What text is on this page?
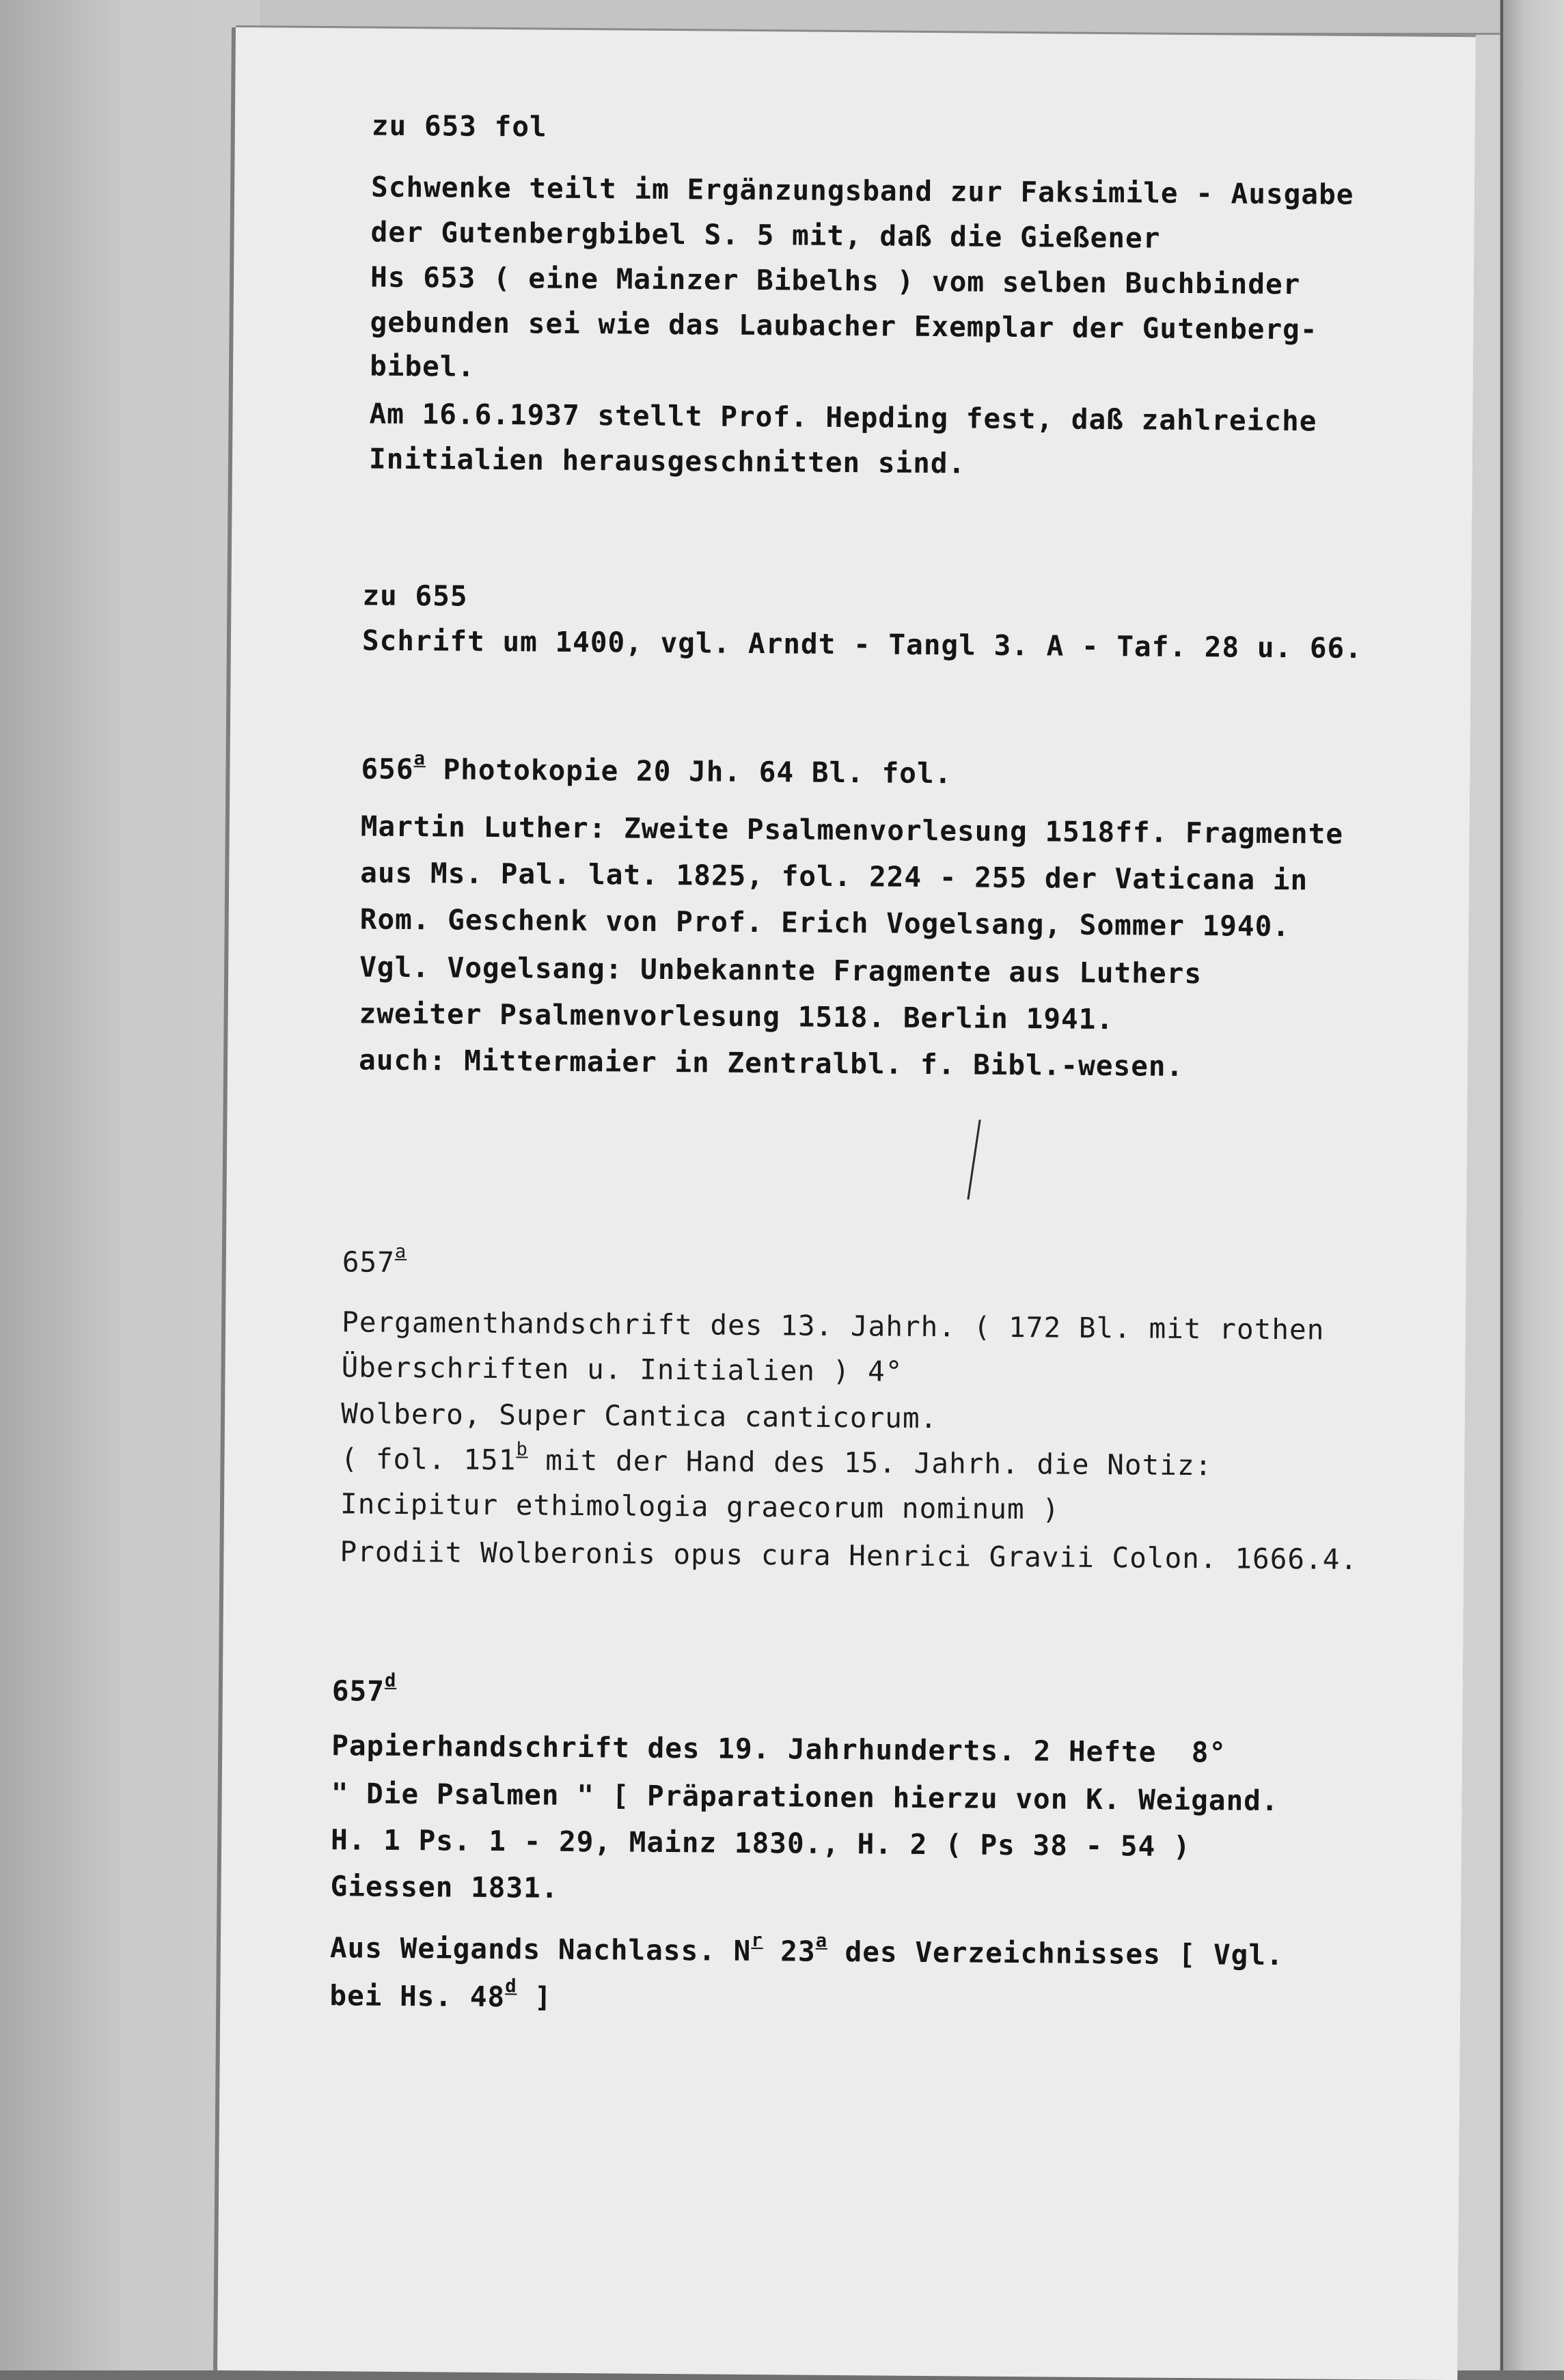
zu 653 fol
Schwenke teilt im Ergänzungsband zur Faksimile - Ausgabe
der Gutenbergbibel S. 5 mit, daß die Gießener
Hs 653 ( eine Mainzer Bibelhs ) vom selben Buchbinder
gebunden sei wie das Laubacher Exemplar der Gutenberg-
bibel.
Am 16.6.1937 stellt Prof. Hepding fest, daß zahlreiche
Initialien herausgeschnitten sind.
zu 655
Schrift um 1400, vgl. Arndt - Tangl 3. A - Taf. 28 u. 66.
656$^a$ Photokopie 20 Jh. 64 Bl. fol.
Martin Luther: Zweite Psalmenvorlesung 1518ff. Fragmente
aus Ms. Pal. lat. 1825, fol. 224 - 255 der Vaticana in
Rom. Geschenk von Prof. Erich Vogelsang, Sommer 1940.
Vgl. Vogelsang: Unbekannte Fragmente aus Luthers
zweiter Psalmenvorlesung 1518. Berlin 1941.
auch: Mittermaier in Zentralbl. f. Bibl.-wesen.
657$^a$
Pergamenthandschrift des 13. Jahrh. ( 172 Bl. mit rothen
Überschriften u. Initialien ) 4°
Wolbero, Super Cantica canticorum.
( fol. 151$^b$ mit der Hand des 15. Jahrh. die Notiz:
Incipitur ethimologia graecorum nominum )
Prodiit Wolberonis opus cura Henrici Gravii Colon. 1666.4.
657$^d$
Papierhandschrift des 19. Jahrhunderts. 2 Hefte  8°
" Die Psalmen " [ Präparationen hierzu von K. Weigand.
H. 1 Ps. 1 - 29, Mainz 1830., H. 2 ( Ps 38 - 54 )
Giessen 1831.
Aus Weigands Nachlass. $N^r$ 23$^a$ des Verzeichnisses [ Vgl.
bei Hs. 48$^d$ ]
